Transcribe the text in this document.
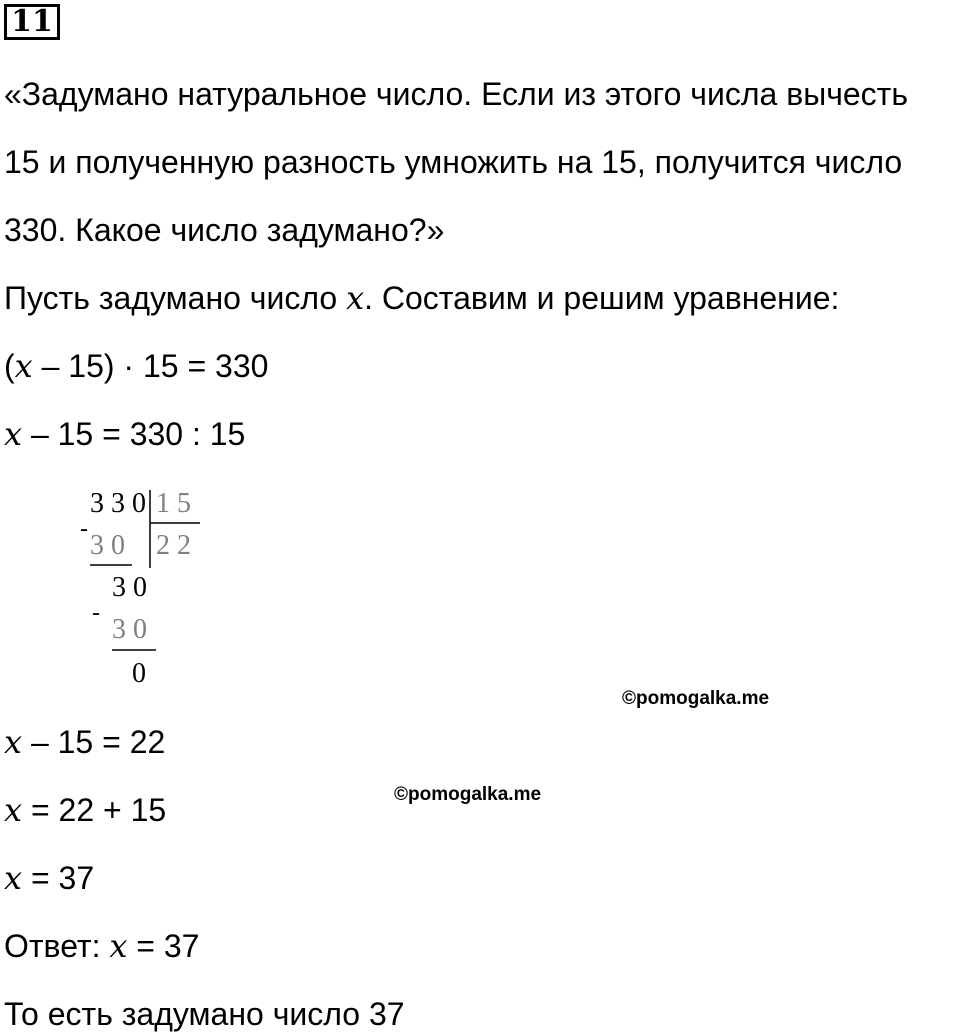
11
«Задумано натуральное число. Если из этого числа вычесть
15 и полученную разность умножить на 15, получится число
330. Какое число задумано?»
Пусть задумано число x. Составим и решим уравнение:
(x – 15) · 15 = 330
x – 15 = 330 : 15
3 3 0 1 5
2 2
-
3 0
3 0
-
3 0
0
©pomogalka.me
x – 15 = 22
©pomogalka.me
x = 22 + 15
x = 37
Ответ: x = 37
То есть задумано число 37
